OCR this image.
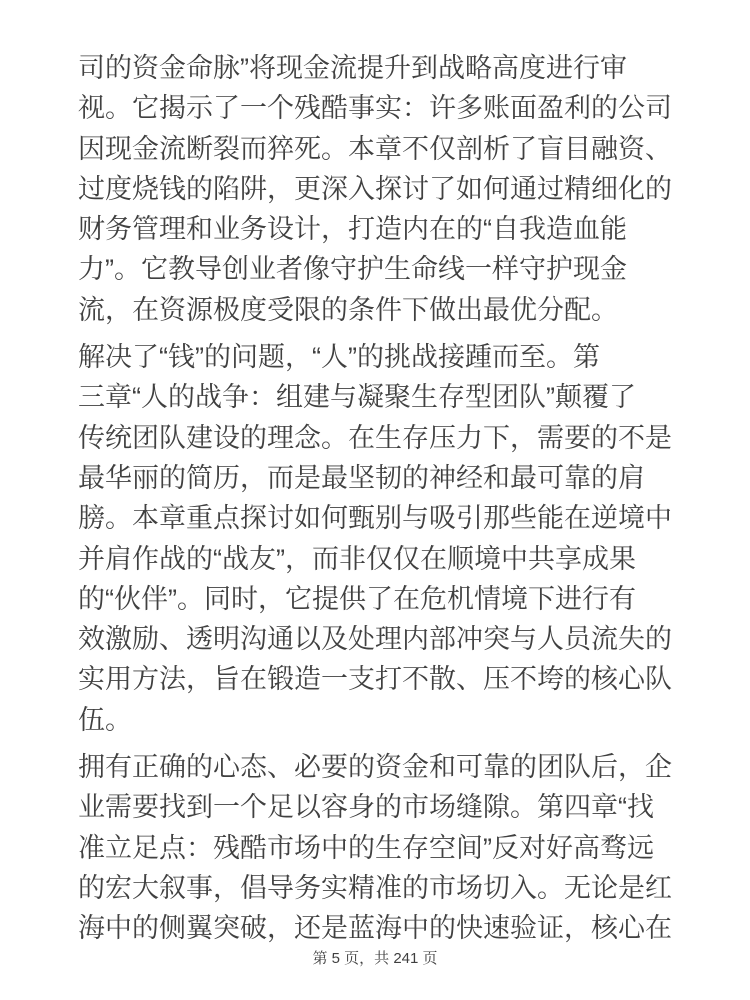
司的资金命脉”将现金流提升到战略高度进行审
视。它揭示了一个残酷事实：许多账面盈利的公司
因现金流断裂而猝死。本章不仅剖析了盲目融资、
过度烧钱的陷阱，更深入探讨了如何通过精细化的
财务管理和业务设计，打造内在的“自我造血能
力”。它教导创业者像守护生命线一样守护现金
流，在资源极度受限的条件下做出最优分配。

解决了“钱”的问题，“人”的挑战接踵而至。第
三章“人的战争：组建与凝聚生存型团队”颠覆了
传统团队建设的理念。在生存压力下，需要的不是
最华丽的简历，而是最坚韧的神经和最可靠的肩
膀。本章重点探讨如何甄别与吸引那些能在逆境中
并肩作战的“战友”，而非仅仅在顺境中共享成果
的“伙伴”。同时，它提供了在危机情境下进行有
效激励、透明沟通以及处理内部冲突与人员流失的
实用方法，旨在锻造一支打不散、压不垮的核心队
伍。

拥有正确的心态、必要的资金和可靠的团队后，企
业需要找到一个足以容身的市场缝隙。第四章“找
准立足点：残酷市场中的生存空间”反对好高骛远
的宏大叙事，倡导务实精准的市场切入。无论是红
海中的侧翼突破，还是蓝海中的快速验证，核心在

第 5 页，共 241 页
